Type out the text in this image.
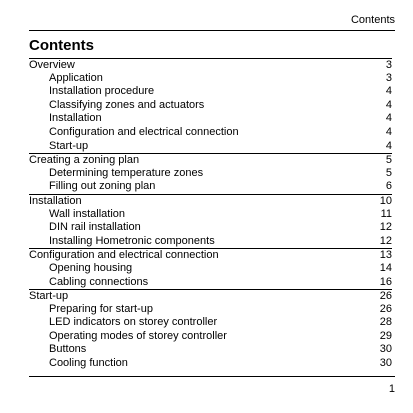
Contents
Contents
Overview	3
Application	3
Installation procedure	4
Classifying zones and actuators	4
Installation	4
Configuration and electrical connection	4
Start-up	4
Creating a zoning plan	5
Determining temperature zones	5
Filling out zoning plan	6
Installation	10
Wall installation	11
DIN rail installation	12
Installing Hometronic components	12
Configuration and electrical connection	13
Opening housing	14
Cabling connections	16
Start-up	26
Preparing for start-up	26
LED indicators on storey controller	28
Operating modes of storey controller	29
Buttons	30
Cooling function	30
1
